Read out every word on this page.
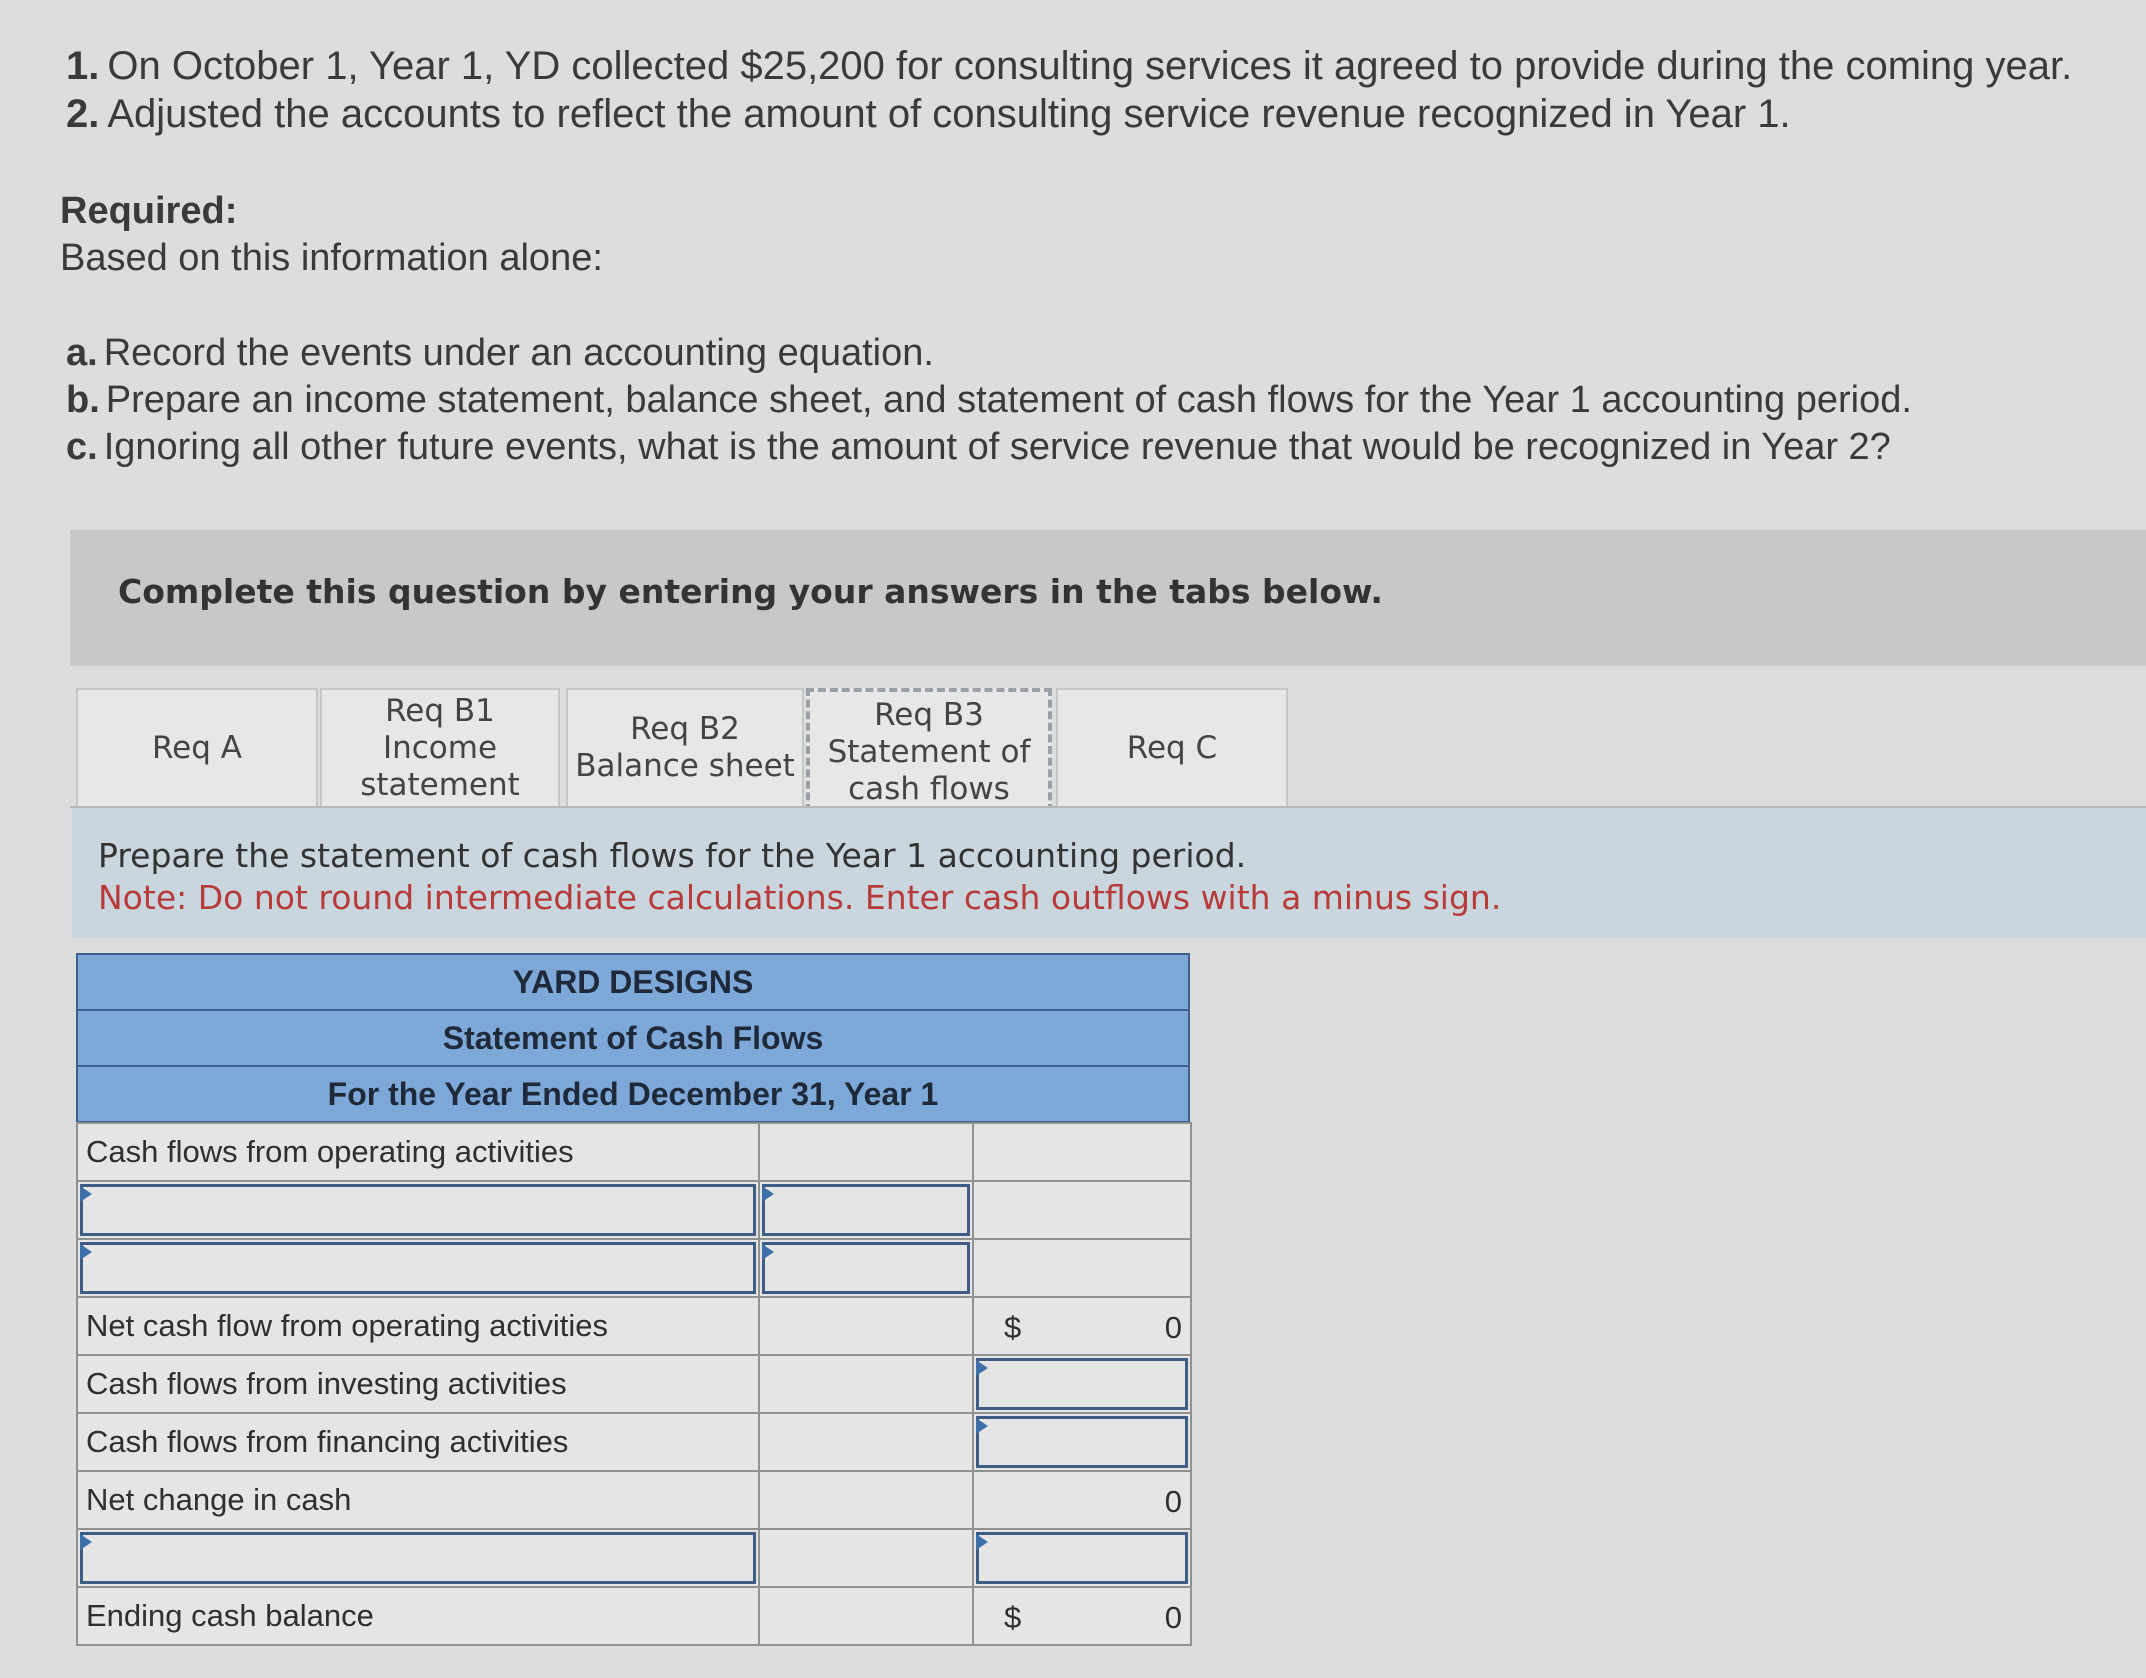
1. On October 1, Year 1, YD collected $25,200 for consulting services it agreed to provide during the coming year.
2. Adjusted the accounts to reflect the amount of consulting service revenue recognized in Year 1.
Required:
Based on this information alone:
a. Record the events under an accounting equation.
b. Prepare an income statement, balance sheet, and statement of cash flows for the Year 1 accounting period.
c. Ignoring all other future events, what is the amount of service revenue that would be recognized in Year 2?
Complete this question by entering your answers in the tabs below.
Req A
Req B1
Income
statement
Req B2
Balance sheet
Req B3
Statement of
cash flows
Req C
Prepare the statement of cash flows for the Year 1 accounting period.
Note: Do not round intermediate calculations. Enter cash outflows with a minus sign.
YARD DESIGNS
Statement of Cash Flows
For the Year Ended December 31, Year 1
Cash flows from operating activities		

Net cash flow from operating activities		$ 0

Cash flows from investing activities		

Cash flows from financing activities		

Net change in cash		0

Ending cash balance		$ 0
